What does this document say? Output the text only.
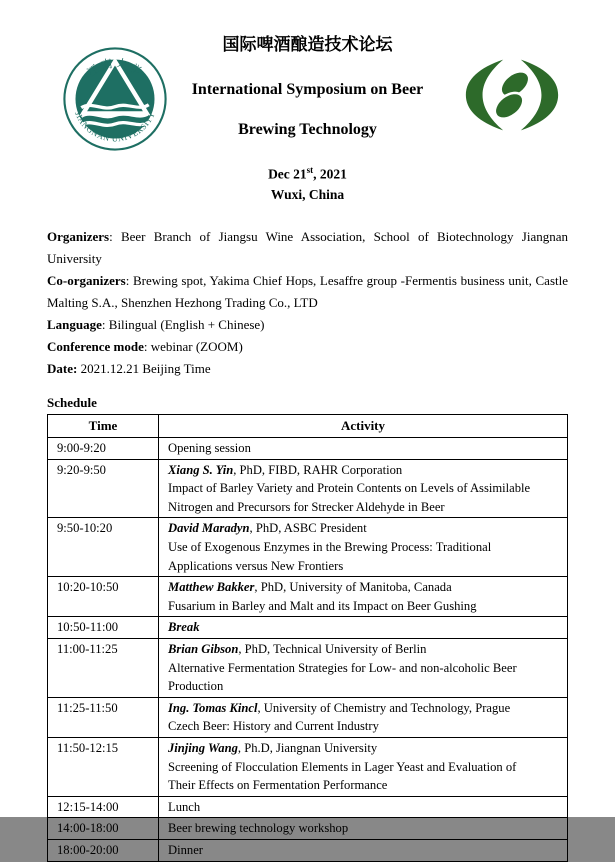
JIANGNAN UNIVERSITY
江南大学
国际啤酒酿造技术论坛
International Symposium on Beer
Brewing Technology
Dec 21st, 2021
Wuxi, China

Organizers: Beer Branch of Jiangsu Wine Association, School of Biotechnology Jiangnan University

Co-organizers: Brewing spot, Yakima Chief Hops, Lesaffre group -Fermentis business unit, Castle Malting S.A., Shenzhen Hezhong Trading Co., LTD

Language: Bilingual (English + Chinese)

Conference mode: webinar (ZOOM)

Date: 2021.12.21 Beijing Time

Schedule
Time	Activity
9:00-9:20	Opening session

9:20-9:50	Xiang S. Yin, PhD, FIBD, RAHR Corporation
Impact of Barley Variety and Protein Contents on Levels of Assimilable
Nitrogen and Precursors for Strecker Aldehyde in Beer

9:50-10:20	David Maradyn, PhD, ASBC President
Use of Exogenous Enzymes in the Brewing Process: Traditional
Applications versus New Frontiers

10:20-10:50	Matthew Bakker, PhD, University of Manitoba, Canada
Fusarium in Barley and Malt and its Impact on Beer Gushing

10:50-11:00	Break

11:00-11:25	Brian Gibson, PhD, Technical University of Berlin
Alternative Fermentation Strategies for Low- and non-alcoholic Beer
Production

11:25-11:50	Ing. Tomas Kincl, University of Chemistry and Technology, Prague
Czech Beer: History and Current Industry

11:50-12:15	Jinjing Wang, Ph.D, Jiangnan University
Screening of Flocculation Elements in Lager Yeast and Evaluation of
Their Effects on Fermentation Performance

12:15-14:00	Lunch

14:00-18:00	Beer brewing technology workshop

18:00-20:00	Dinner
